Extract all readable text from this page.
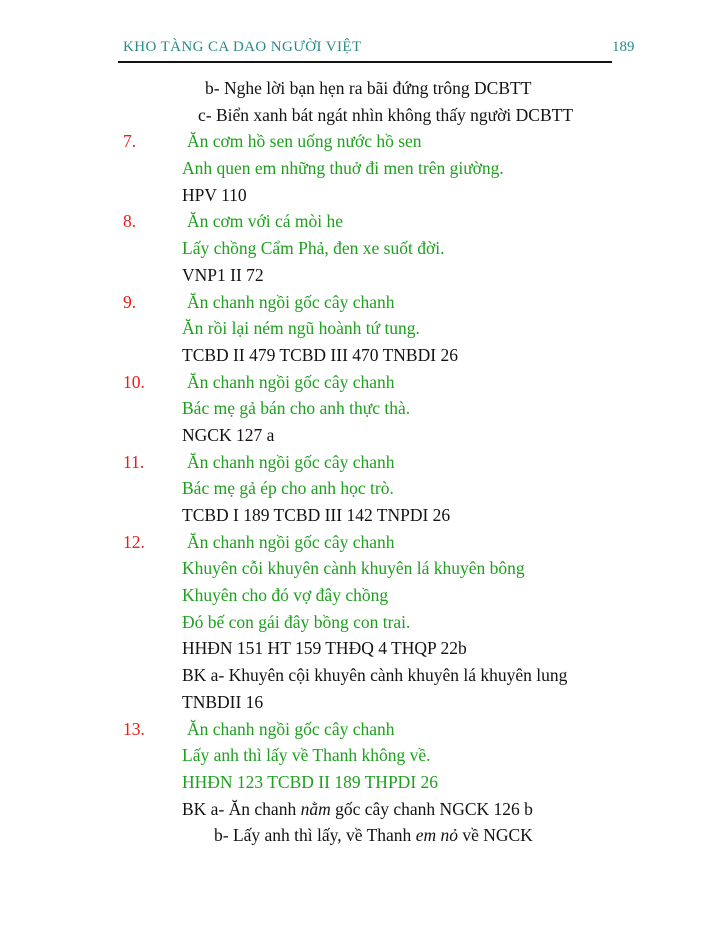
KHO TÀNG CA DAO NGƯỜI VIỆT	189
b- Nghe lời bạn hẹn ra bãi đứng trông DCBTT
c- Biển xanh bát ngát nhìn không thấy người DCBTT
7.	Ăn cơm hồ sen uống nước hồ sen
Anh quen em những thuở đi men trên giường.
HPV 110
8.	Ăn cơm với cá mòi he
Lấy chồng Cẩm Phả, đen xe suốt đời.
VNP1 II 72
9.	Ăn chanh ngồi gốc cây chanh
Ăn rồi lại ném ngũ hoành tứ tung.
TCBD II 479 TCBD III 470 TNBDI 26
10. Ăn chanh ngồi gốc cây chanh
Bác mẹ gả bán cho anh thực thà.
NGCK 127 a
11. Ăn chanh ngồi gốc cây chanh
Bác mẹ gả ép cho anh học trò.
TCBD I 189 TCBD III 142 TNPDI 26
12. Ăn chanh ngồi gốc cây chanh
Khuyên cỗi khuyên cành khuyên lá khuyên bông
Khuyên cho đó vợ đây chồng
Đó bế con gái đây bồng con trai.
HHĐN 151 HT 159 THĐQ 4 THQP 22b
BK a- Khuyên cội khuyên cành khuyên lá khuyên lung
TNBDII 16
13. Ăn chanh ngồi gốc cây chanh
Lấy anh thì lấy về Thanh không về.
HHĐN 123 TCBD II 189 THPDI 26
BK a- Ăn chanh nằm gốc cây chanh NGCK 126 b
b- Lấy anh thì lấy, về Thanh em nỏ về NGCK
